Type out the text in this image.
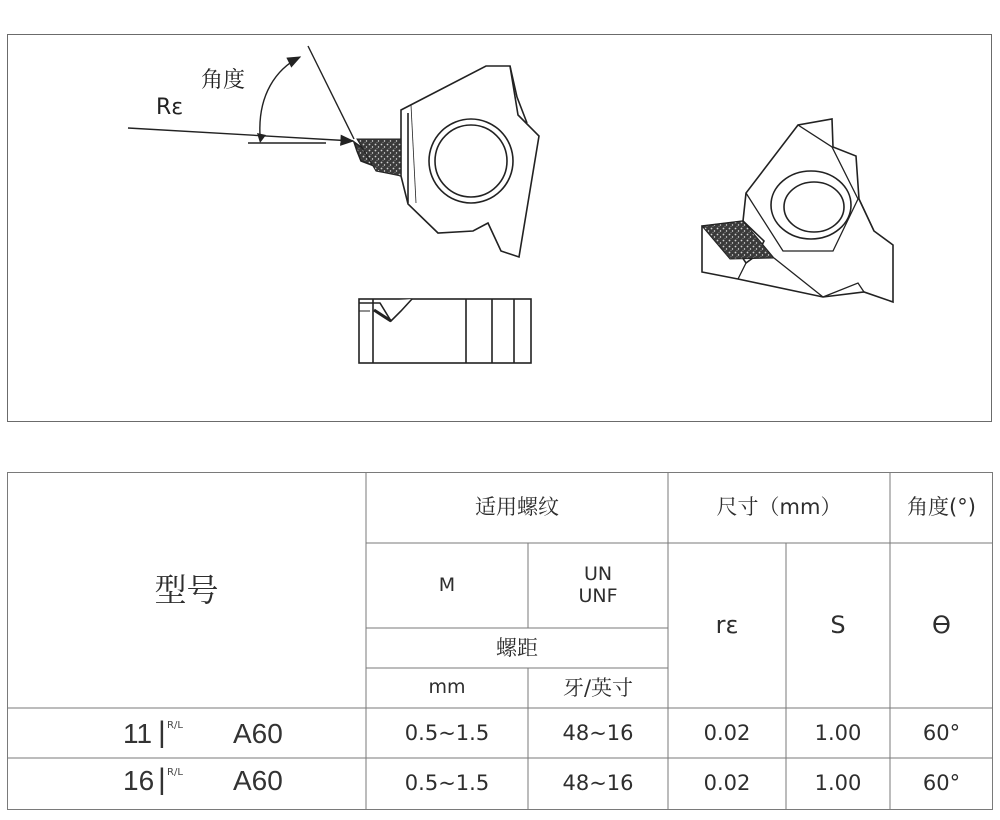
角度
Rε
型号
适用螺纹	尺寸（mm）	角度(°)
M	UN
UNF
螺距
mm	牙/英寸
rε	S	ϴ
11 | R/L A60	0.5~1.5	48~16	0.02	1.00	60°
16 | R/L A60	0.5~1.5	48~16	0.02	1.00	60°
